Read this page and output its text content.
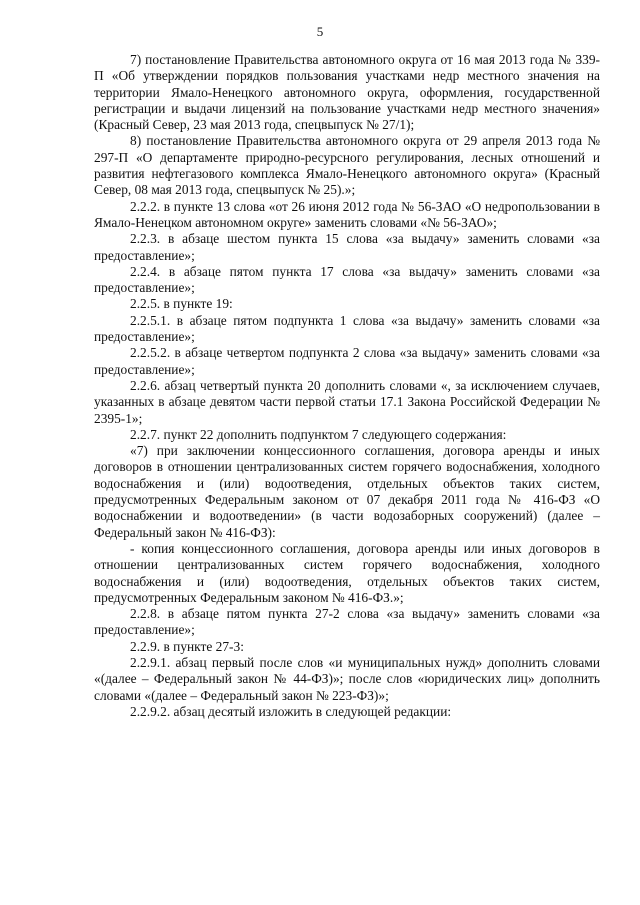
5

7) постановление Правительства автономного округа от 16 мая 2013 года № 339-П «Об утверждении порядков пользования участками недр местного значения на территории Ямало-Ненецкого автономного округа, оформления, государственной регистрации и выдачи лицензий на пользование участками недр местного значения» (Красный Север, 23 мая 2013 года, спецвыпуск № 27/1);

8) постановление Правительства автономного округа от 29 апреля 2013 года № 297-П «О департаменте природно-ресурсного регулирования, лесных отношений и развития нефтегазового комплекса Ямало-Ненецкого автономного округа» (Красный Север, 08 мая 2013 года, спецвыпуск № 25).»;

2.2.2. в пункте 13 слова «от 26 июня 2012 года № 56-ЗАО «О недропользовании в Ямало-Ненецком автономном округе» заменить словами «№ 56-ЗАО»;

2.2.3. в абзаце шестом пункта 15 слова «за выдачу» заменить словами «за предоставление»;

2.2.4. в абзаце пятом пункта 17 слова «за выдачу» заменить словами «за предоставление»;

2.2.5. в пункте 19:

2.2.5.1. в абзаце пятом подпункта 1 слова «за выдачу» заменить словами «за предоставление»;

2.2.5.2. в абзаце четвертом подпункта 2 слова «за выдачу» заменить словами «за предоставление»;

2.2.6. абзац четвертый пункта 20 дополнить словами «, за исключением случаев, указанных в абзаце девятом части первой статьи 17.1 Закона Российской Федерации № 2395-1»;

2.2.7. пункт 22 дополнить подпунктом 7 следующего содержания:

«7) при заключении концессионного соглашения, договора аренды и иных договоров в отношении централизованных систем горячего водоснабжения, холодного водоснабжения и (или) водоотведения, отдельных объектов таких систем, предусмотренных Федеральным законом от 07 декабря 2011 года № 416-ФЗ «О водоснабжении и водоотведении» (в части водозаборных сооружений) (далее – Федеральный закон № 416-ФЗ):

- копия концессионного соглашения, договора аренды или иных договоров в отношении централизованных систем горячего водоснабжения, холодного водоснабжения и (или) водоотведения, отдельных объектов таких систем, предусмотренных Федеральным законом № 416-ФЗ.»;

2.2.8. в абзаце пятом пункта 27-2 слова «за выдачу» заменить словами «за предоставление»;

2.2.9. в пункте 27-3:

2.2.9.1. абзац первый после слов «и муниципальных нужд» дополнить словами «(далее – Федеральный закон № 44-ФЗ)»; после слов «юридических лиц» дополнить словами «(далее – Федеральный закон № 223-ФЗ)»;

2.2.9.2. абзац десятый изложить в следующей редакции:
